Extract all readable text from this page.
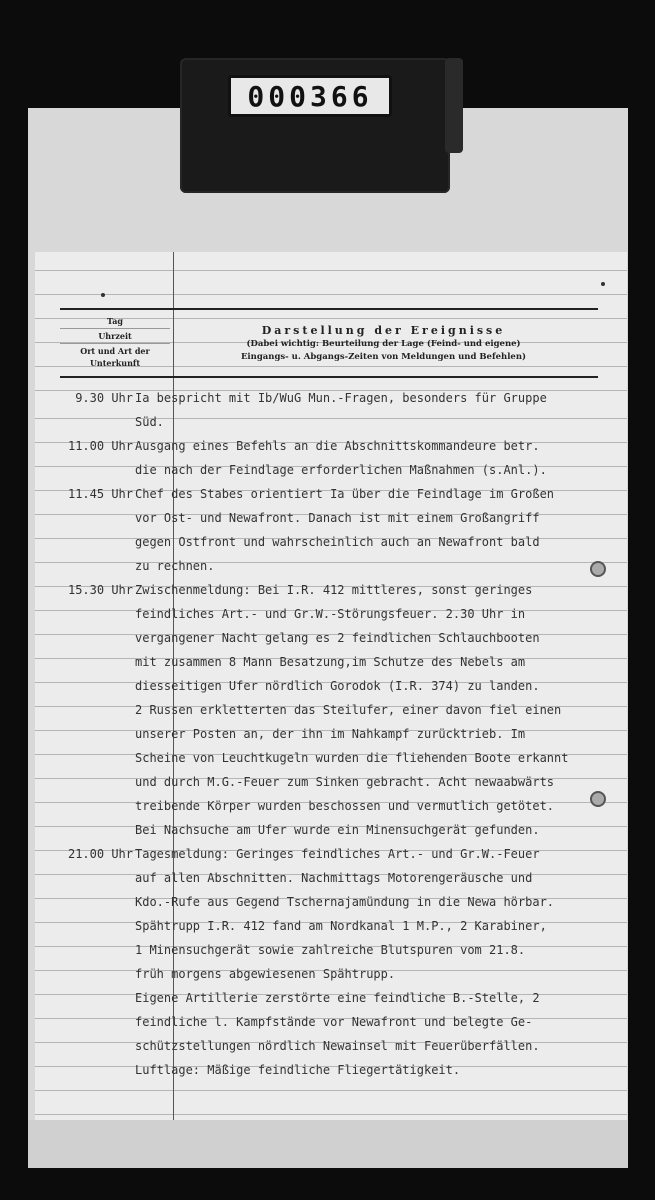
000366
Tag
Uhrzeit
Ort und Art der Unterkunft
Darstellung der Ereignisse
(Dabei wichtig: Beurteilung der Lage (Feind- und eigene)
Eingangs- u. Abgangs-Zeiten von Meldungen und Befehlen)
9.30 Uhr Ia bespricht mit Ib/WuG Mun.-Fragen, besonders für Gruppe
Süd.
11.00 Uhr Ausgang eines Befehls an die Abschnittskommandeure betr.
die nach der Feindlage erforderlichen Maßnahmen (s.Anl.).
11.45 Uhr Chef des Stabes orientiert Ia über die Feindlage im Großen
vor Ost- und Newafront. Danach ist mit einem Großangriff
gegen Ostfront und wahrscheinlich auch an Newafront bald
zu rechnen.
15.30 Uhr Zwischenmeldung: Bei I.R. 412 mittleres, sonst geringes
feindliches Art.- und Gr.W.-Störungsfeuer. 2.30 Uhr in
vergangener Nacht gelang es 2 feindlichen Schlauchbooten
mit zusammen 8 Mann Besatzung,im Schutze des Nebels am
diesseitigen Ufer nördlich Gorodok (I.R. 374) zu landen.
2 Russen erkletterten das Steilufer, einer davon fiel einen
unserer Posten an, der ihn im Nahkampf zurücktrieb. Im
Scheine von Leuchtkugeln wurden die fliehenden Boote erkannt
und durch M.G.-Feuer zum Sinken gebracht. Acht newaabwärts
treibende Körper wurden beschossen und vermutlich getötet.
Bei Nachsuche am Ufer wurde ein Minensuchgerät gefunden.
21.00 Uhr Tagesmeldung: Geringes feindliches Art.- und Gr.W.-Feuer
auf allen Abschnitten. Nachmittags Motorengeräusche und
Kdo.-Rufe aus Gegend Tschernajamündung in die Newa hörbar.
Spähtrupp I.R. 412 fand am Nordkanal 1 M.P., 2 Karabiner,
1 Minensuchgerät sowie zahlreiche Blutspuren vom 21.8.
früh morgens abgewiesenen Spähtrupp.
Eigene Artillerie zerstörte eine feindliche B.-Stelle, 2
feindliche l. Kampfstände vor Newafront und belegte Ge-
schützstellungen nördlich Newainsel mit Feuerüberfällen.
Luftlage: Mäßige feindliche Fliegertätigkeit.
